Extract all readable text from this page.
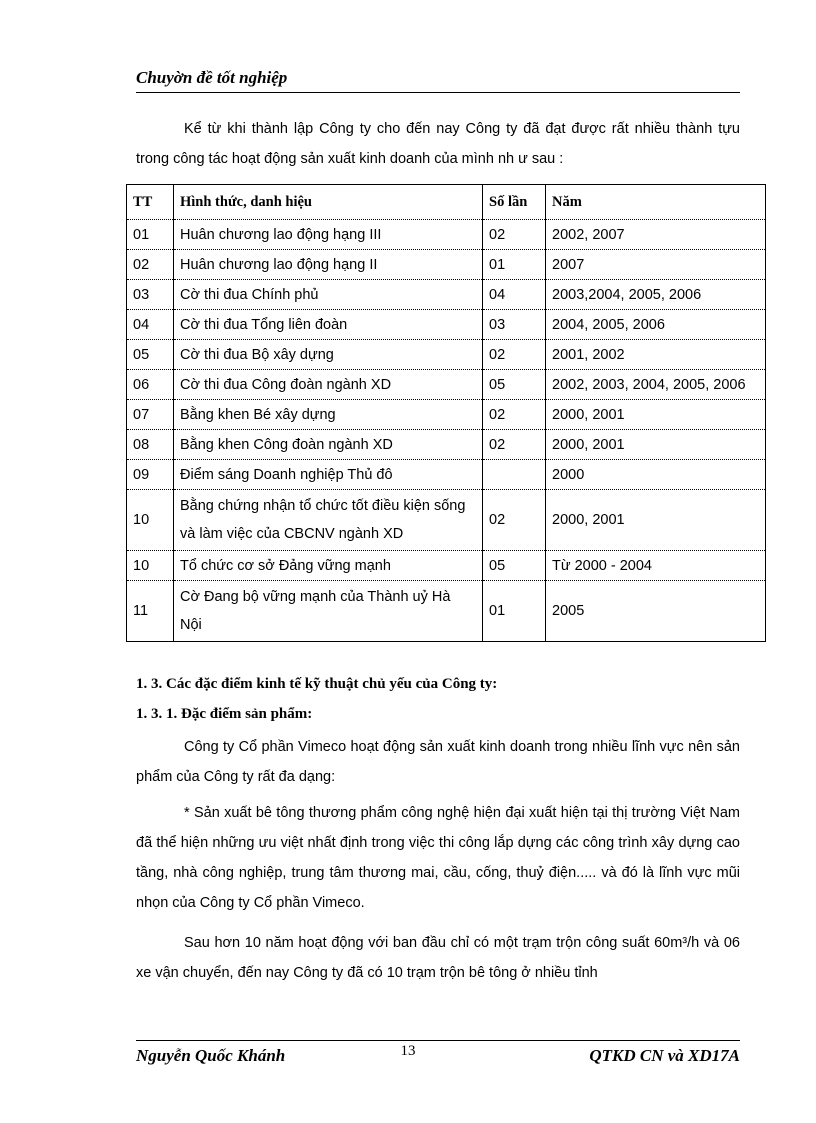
Chuyờn đề tốt nghiệp
Kể từ khi thành lập Công ty cho đến nay Công ty đã đạt được rất nhiều thành tựu trong công tác hoạt động sản xuất kinh doanh của mình nh ư sau :
TT	Hình thức, danh hiệu	Số lần	Năm
01	Huân chương lao động hạng III	02	2002, 2007
02	Huân chương lao động hạng II	01	2007
03	Cờ thi đua Chính phủ	04	2003,2004, 2005, 2006
04	Cờ thi đua Tổng liên đoàn	03	2004, 2005, 2006
05	Cờ thi đua Bộ xây dựng	02	2001, 2002
06	Cờ thi đua Công đoàn ngành XD	05	2002, 2003, 2004, 2005, 2006
07	Bằng khen Bé xây dựng	02	2000, 2001
08	Bằng khen Công đoàn ngành XD	02	2000, 2001
09	Điểm sáng Doanh nghiệp Thủ đô		2000
10	Bằng chứng nhận tổ chức tốt điều kiện sống và làm việc của CBCNV ngành XD	02	2000, 2001
10	Tổ chức cơ sở Đảng vững mạnh	05	Từ 2000 - 2004
11	Cờ Đang bộ vững mạnh của Thành uỷ Hà Nội	01	2005
1. 3. Các đặc điểm kinh tế kỹ thuật chủ yếu của Công ty:
1. 3. 1. Đặc điểm sản phẩm:
Công ty Cổ phần Vimeco hoạt động sản xuất kinh doanh trong nhiều lĩnh vực nên sản phẩm của Công ty rất đa dạng:
* Sản xuất bê tông thương phẩm công nghệ hiện đại xuất hiện tại thị trường Việt Nam đã thể hiện những ưu việt nhất định trong việc thi công lắp dựng các công trình xây dựng cao tầng, nhà công nghiệp, trung tâm thương mai, cầu, cống, thuỷ điện..... và đó là lĩnh vực mũi nhọn của Công ty Cổ phần Vimeco.
Sau hơn 10 năm hoạt động với ban đầu chỉ có một trạm trộn công suất 60m³/h và 06 xe vận chuyển, đến nay Công ty đã có 10 trạm trộn bê tông ở nhiều tỉnh
Nguyễn Quốc Khánh	13	QTKD CN và XD17A
